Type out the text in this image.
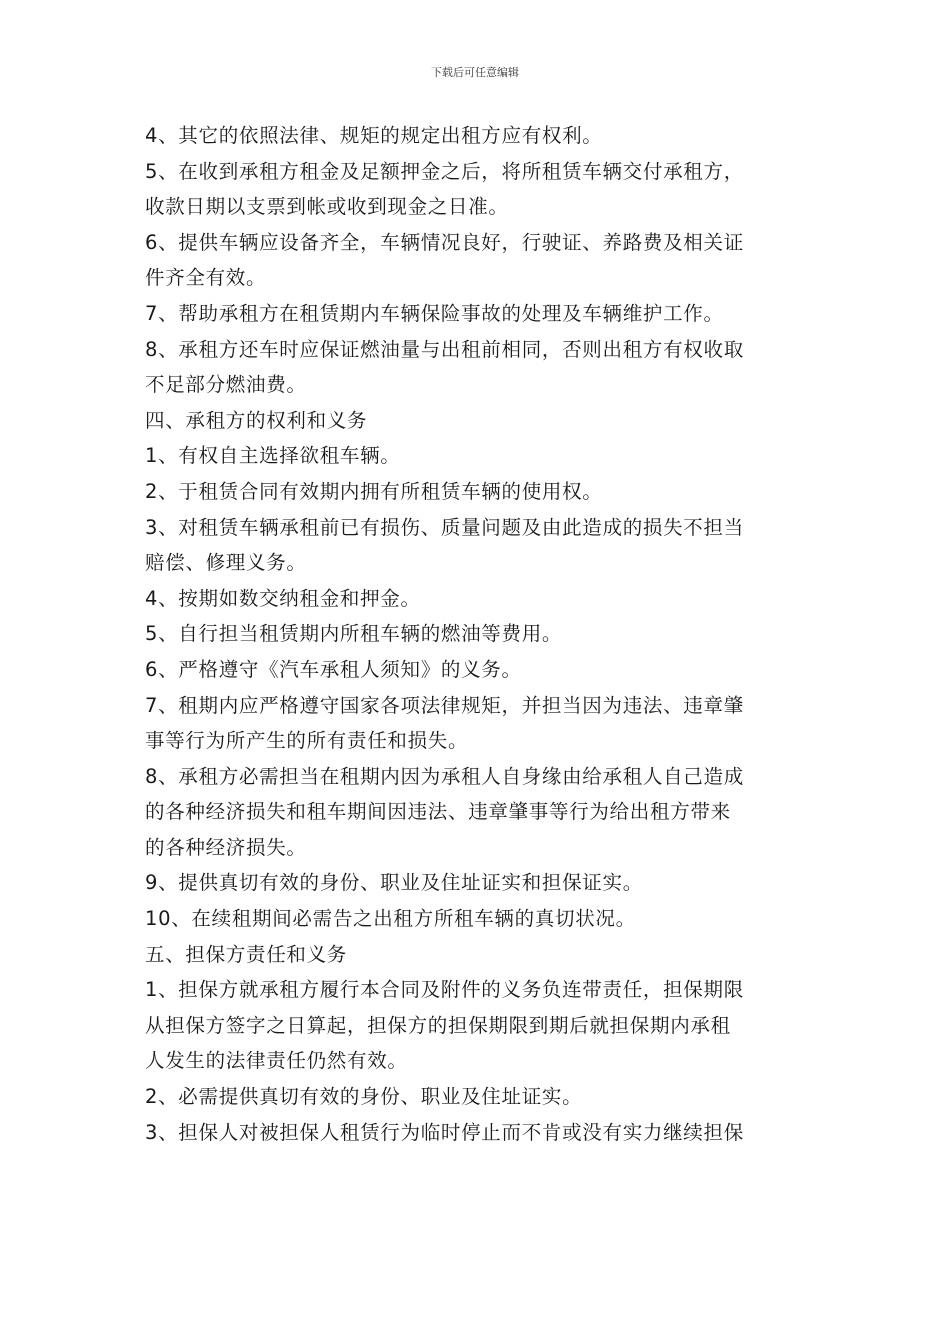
下载后可任意编辑
4、其它的依照法律、规矩的规定出租方应有权利。
5、在收到承租方租金及足额押金之后，将所租赁车辆交付承租方，
收款日期以支票到帐或收到现金之日准。
6、提供车辆应设备齐全，车辆情况良好，行驶证、养路费及相关证
件齐全有效。
7、帮助承租方在租赁期内车辆保险事故的处理及车辆维护工作。
8、承租方还车时应保证燃油量与出租前相同，否则出租方有权收取
不足部分燃油费。
四、承租方的权利和义务
1、有权自主选择欲租车辆。
2、于租赁合同有效期内拥有所租赁车辆的使用权。
3、对租赁车辆承租前已有损伤、质量问题及由此造成的损失不担当
赔偿、修理义务。
4、按期如数交纳租金和押金。
5、自行担当租赁期内所租车辆的燃油等费用。
6、严格遵守《汽车承租人须知》的义务。
7、租期内应严格遵守国家各项法律规矩，并担当因为违法、违章肇
事等行为所产生的所有责任和损失。
8、承租方必需担当在租期内因为承租人自身缘由给承租人自己造成
的各种经济损失和租车期间因违法、违章肇事等行为给出租方带来
的各种经济损失。
9、提供真切有效的身份、职业及住址证实和担保证实。
10、在续租期间必需告之出租方所租车辆的真切状况。
五、担保方责任和义务
1、担保方就承租方履行本合同及附件的义务负连带责任，担保期限
从担保方签字之日算起，担保方的担保期限到期后就担保期内承租
人发生的法律责任仍然有效。
2、必需提供真切有效的身份、职业及住址证实。
3、担保人对被担保人租赁行为临时停止而不肯或没有实力继续担保
